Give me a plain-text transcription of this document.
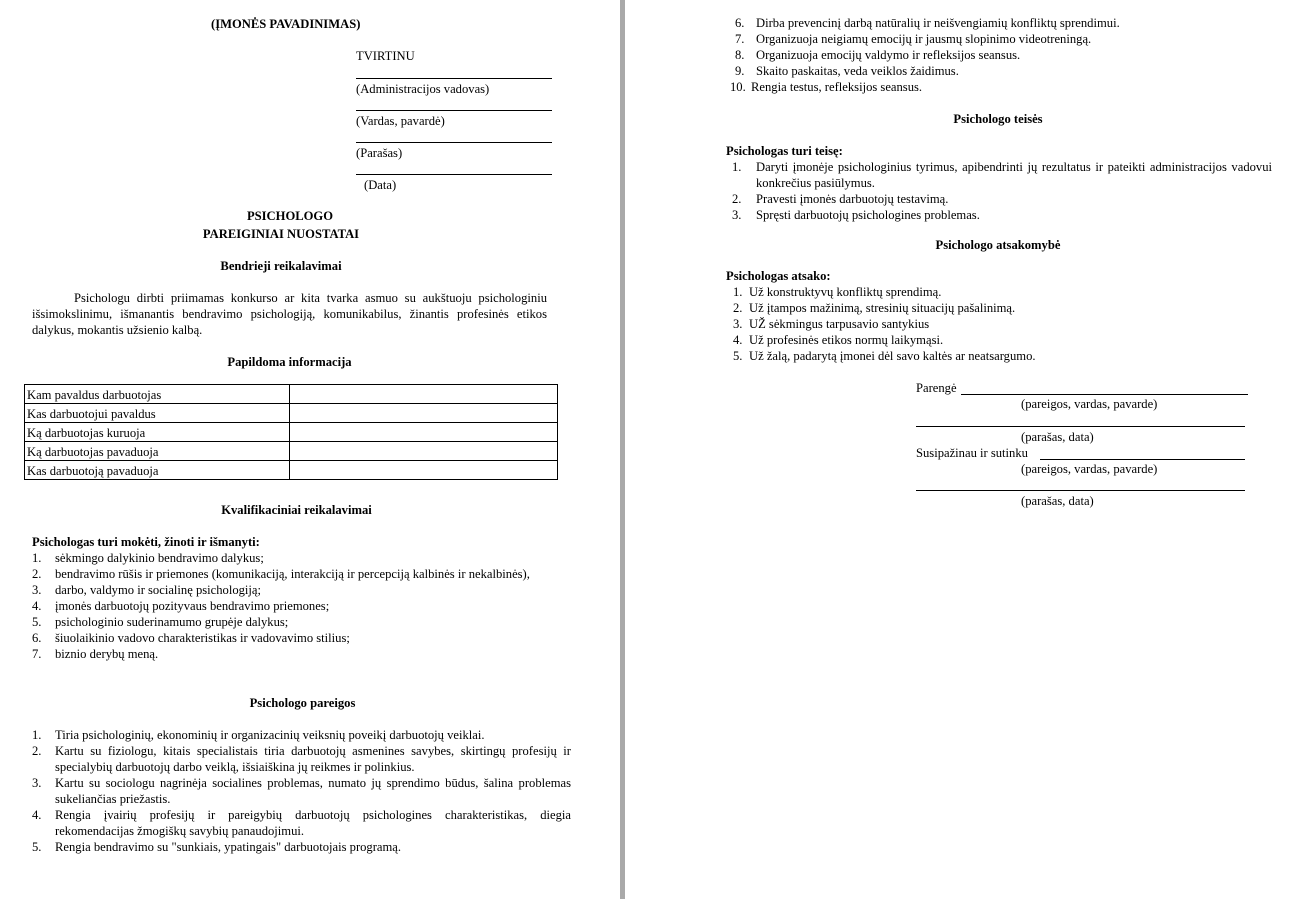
(ĮMONĖS PAVADINIMAS)
TVIRTINU
(Administracijos vadovas)
(Vardas, pavardė)
(Parašas)
(Data)
PSICHOLOGO
PAREIGINIAI NUOSTATAI
Bendrieji reikalavimai
Psichologu dirbti priimamas konkurso ar kita tvarka asmuo su aukštuoju psichologiniu išsimokslinimu, išmanantis bendravimo psichologiją, komunikabilus, žinantis profesinės etikos dalykus, mokantis užsienio kalbą.
Papildoma informacija
Kam pavaldus darbuotojas	
Kas darbuotojui pavaldus	
Ką darbuotojas kuruoja	
Ką darbuotojas pavaduoja	
Kas darbuotoją pavaduoja	
Kvalifikaciniai reikalavimai
Psichologas turi mokėti, žinoti ir išmanyti:
1. sėkmingo dalykinio bendravimo dalykus;
2. bendravimo rūšis ir priemones (komunikaciją, interakciją ir percepciją kalbinės ir nekalbinės),
3. darbo, valdymo ir socialinę psichologiją;
4. įmonės darbuotojų pozityvaus bendravimo priemones;
5. psichologinio suderinamumo grupėje dalykus;
6. šiuolaikinio vadovo charakteristikas ir vadovavimo stilius;
7. biznio derybų meną.
Psichologo pareigos
1. Tiria psichologinių, ekonominių ir organizacinių veiksnių poveikį darbuotojų veiklai.
2. Kartu su fiziologu, kitais specialistais tiria darbuotojų asmenines savybes, skirtingų profesijų ir specialybių darbuotojų darbo veiklą, išsiaiškina jų reikmes ir polinkius.
3. Kartu su sociologu nagrinėja socialines problemas, numato jų sprendimo būdus, šalina problemas sukeliančias priežastis.
4. Rengia įvairių profesijų ir pareigybių darbuotojų psichologines charakteristikas, diegia rekomendacijas žmogiškų savybių panaudojimui.
5. Rengia bendravimo su "sunkiais, ypatingais" darbuotojais programą.
6. Dirba prevencinį darbą natūralių ir neišvengiamių konfliktų sprendimui.
7. Organizuoja neigiamų emocijų ir jausmų slopinimo videotreningą.
8. Organizuoja emocijų valdymo ir refleksijos seansus.
9. Skaito paskaitas, veda veiklos žaidimus.
10. Rengia testus, refleksijos seansus.
Psichologo teisės
Psichologas turi teisę:
1. Daryti įmonėje psichologinius tyrimus, apibendrinti jų rezultatus ir pateikti administracijos vadovui konkrečius pasiūlymus.
2. Pravesti įmonės darbuotojų testavimą.
3. Spręsti darbuotojų psichologines problemas.
Psichologo atsakomybė
Psichologas atsako:
1. Už konstruktyvų konfliktų sprendimą.
2. Už įtampos mažinimą, stresinių situacijų pašalinimą.
3. UŽ sėkmingus tarpusavio santykius
4. Už profesinės etikos normų laikymąsi.
5. Už žalą, padarytą įmonei dėl savo kaltės ar neatsargumo.
Parengė
(pareigos, vardas, pavarde)
(parašas, data)
Susipažinau ir sutinku
(pareigos, vardas, pavarde)
(parašas, data)
